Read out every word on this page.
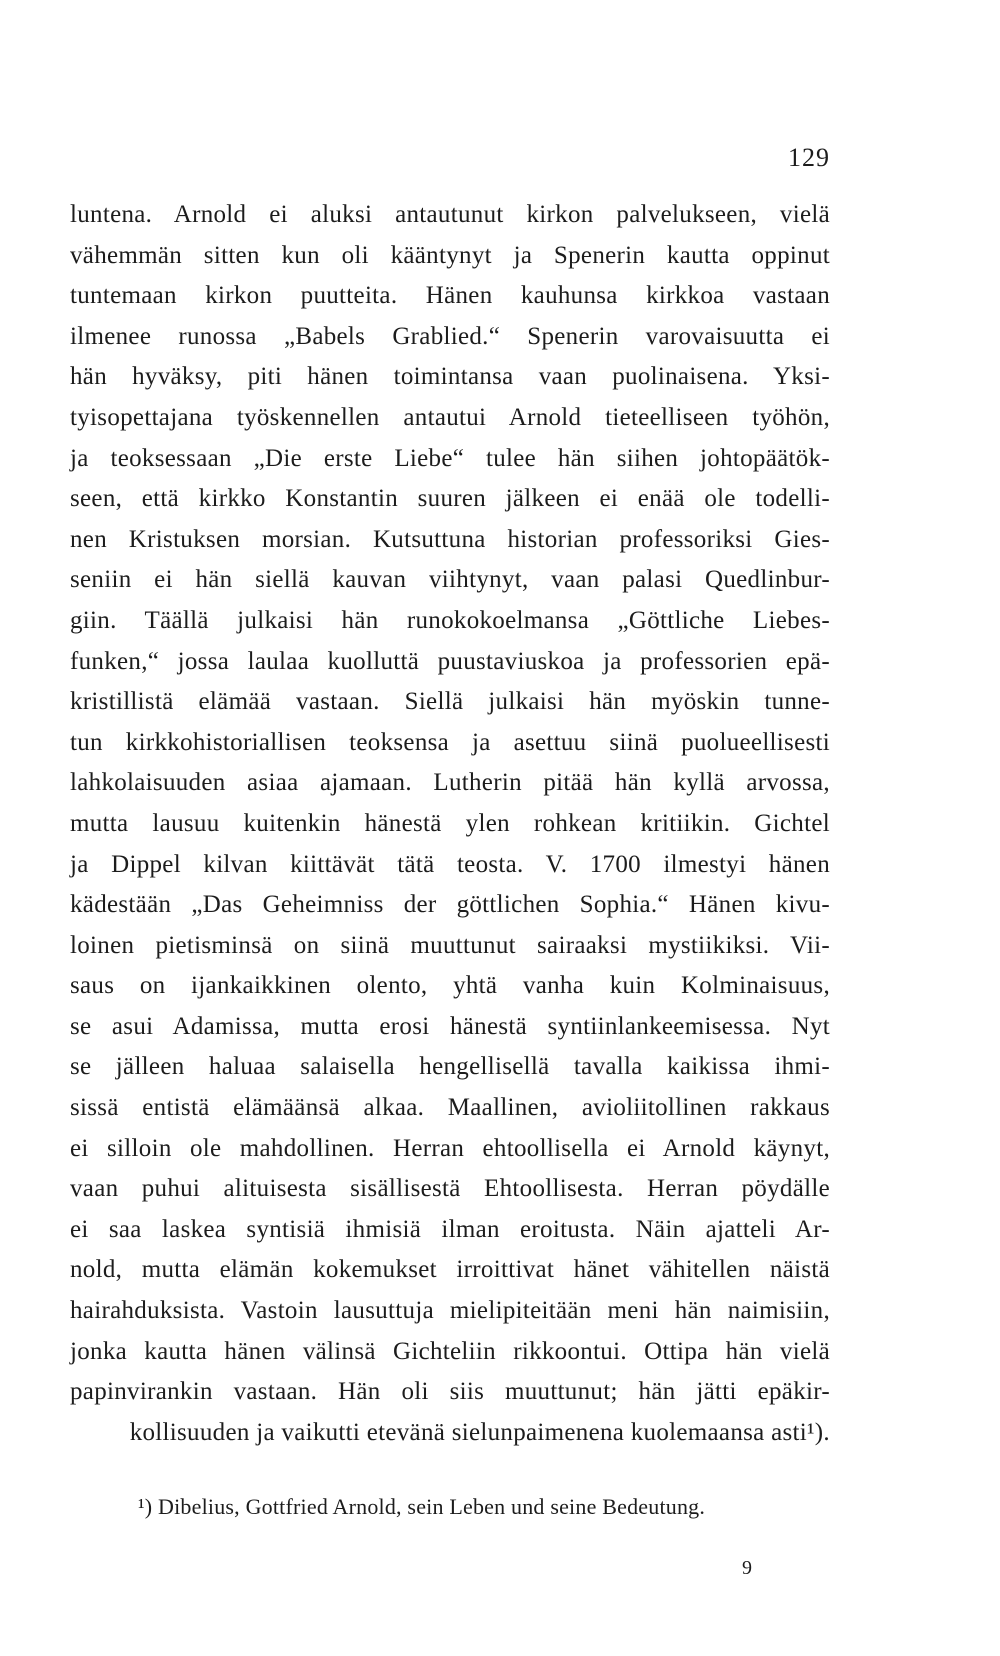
129
luntena. Arnold ei aluksi antautunut kirkon palvelukseen, vielä
vähemmän sitten kun oli kääntynyt ja Spenerin kautta oppinut
tuntemaan kirkon puutteita. Hänen kauhunsa kirkkoa vastaan
ilmenee runossa „Babels Grablied.“ Spenerin varovaisuutta ei
hän hyväksy, piti hänen toimintansa vaan puolinaisena. Yksi-
tyisopettajana työskennellen antautui Arnold tieteelliseen työhön,
ja teoksessaan „Die erste Liebe“ tulee hän siihen johtopäätök-
seen, että kirkko Konstantin suuren jälkeen ei enää ole todelli-
nen Kristuksen morsian. Kutsuttuna historian professoriksi Gies-
seniin ei hän siellä kauvan viihtynyt, vaan palasi Quedlinbur-
giin. Täällä julkaisi hän runokokoelmansa „Göttliche Liebes-
funken,“ jossa laulaa kuolluttä puustaviuskoa ja professorien epä-
kristillistä elämää vastaan. Siellä julkaisi hän myöskin tunne-
tun kirkkohistoriallisen teoksensa ja asettuu siinä puolueellisesti
lahkolaisuuden asiaa ajamaan. Lutherin pitää hän kyllä arvossa,
mutta lausuu kuitenkin hänestä ylen rohkean kritiikin. Gichtel
ja Dippel kilvan kiittävät tätä teosta. V. 1700 ilmestyi hänen
kädestään „Das Geheimniss der göttlichen Sophia.“ Hänen kivu-
loinen pietisminsä on siinä muuttunut sairaaksi mystiikiksi. Vii-
saus on ijankaikkinen olento, yhtä vanha kuin Kolminaisuus,
se asui Adamissa, mutta erosi hänestä syntiinlankeemisessa. Nyt
se jälleen haluaa salaisella hengellisellä tavalla kaikissa ihmi-
sissä entistä elämäänsä alkaa. Maallinen, avioliitollinen rakkaus
ei silloin ole mahdollinen. Herran ehtoollisella ei Arnold käynyt,
vaan puhui alituisesta sisällisestä Ehtoollisesta. Herran pöydälle
ei saa laskea syntisiä ihmisiä ilman eroitusta. Näin ajatteli Ar-
nold, mutta elämän kokemukset irroittivat hänet vähitellen näistä
hairahduksista. Vastoin lausuttuja mielipiteitään meni hän naimisiin,
jonka kautta hänen välinsä Gichteliin rikkoontui. Ottipa hän vielä
papinvirankin vastaan. Hän oli siis muuttunut; hän jätti epäkir-
kollisuuden ja vaikutti etevänä sielunpaimenena kuolemaansa asti¹).
¹) Dibelius, Gottfried Arnold, sein Leben und seine Bedeutung.
9
